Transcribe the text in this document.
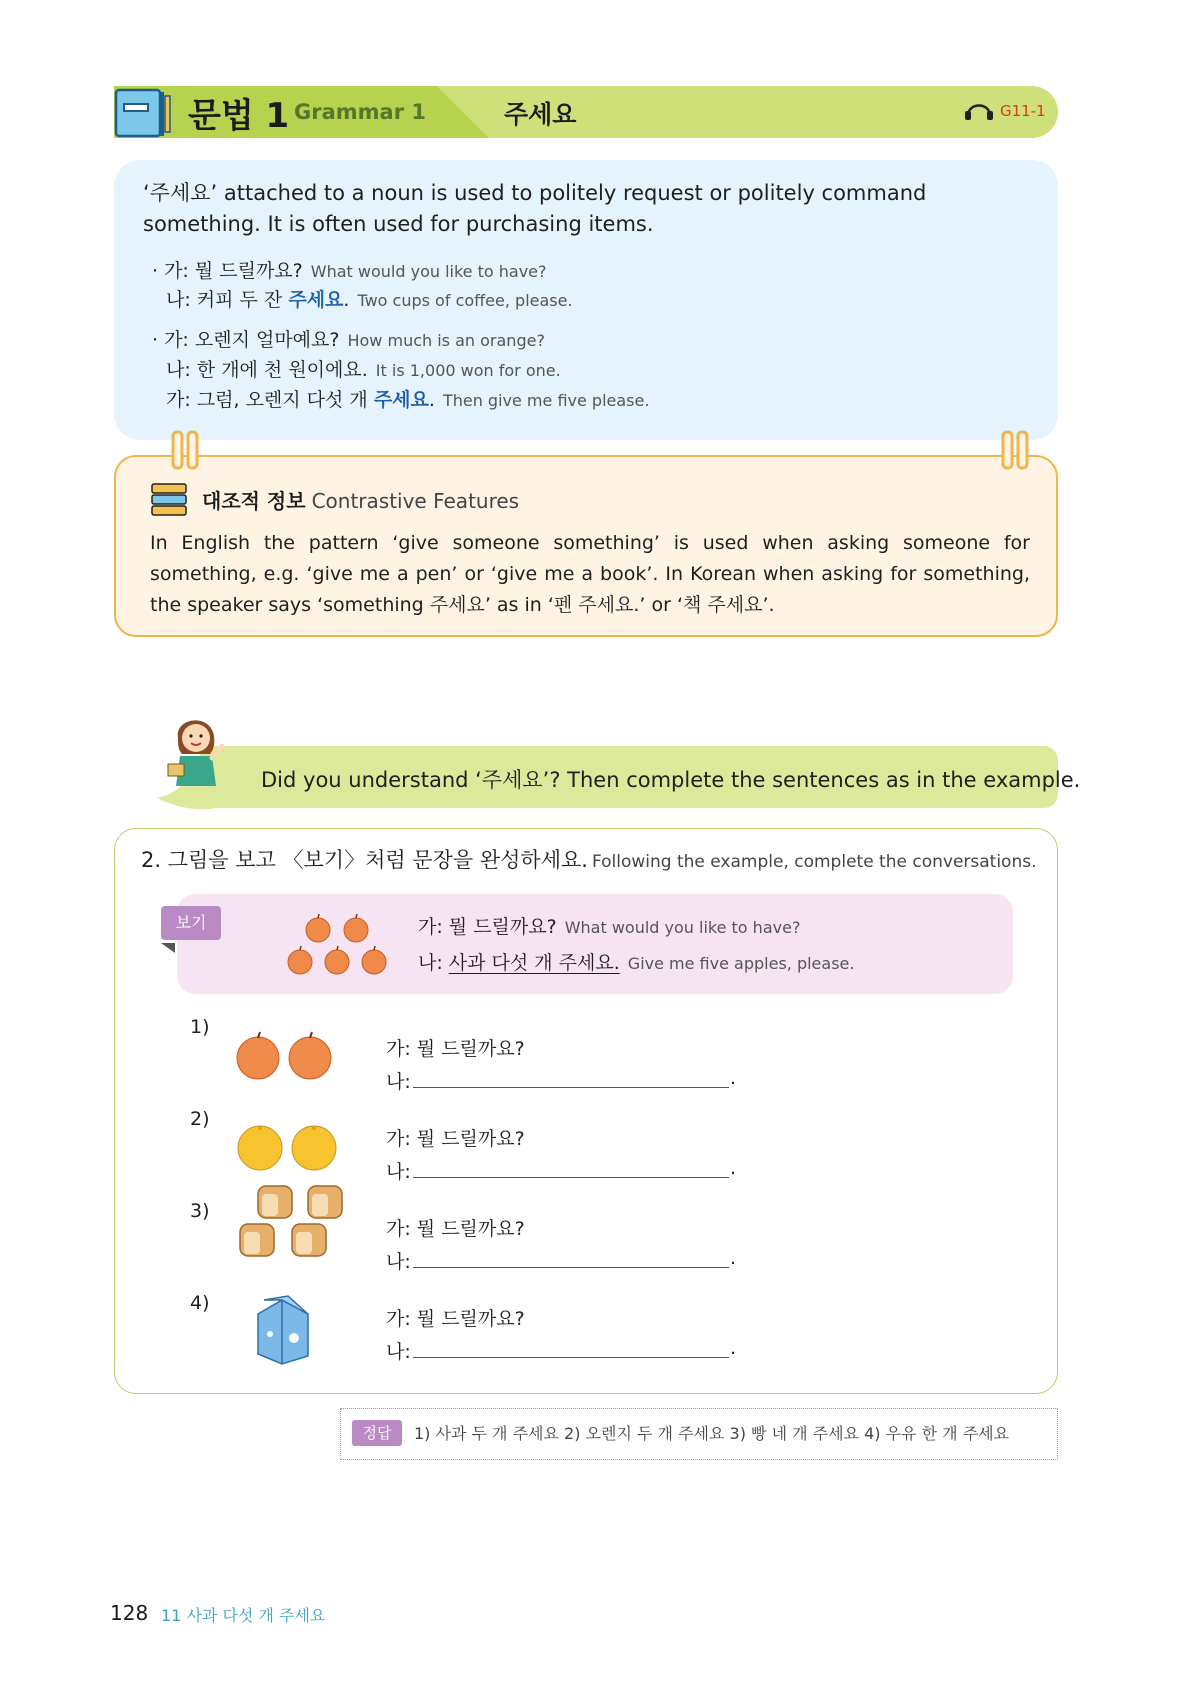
문법 1 Grammar 1	주세요	G11-1
‘주세요’ attached to a noun is used to politely request or politely command something. It is often used for purchasing items.
· 가: 뭘 드릴까요? What would you like to have?
나: 커피 두 잔 주세요. Two cups of coffee, please.
· 가: 오렌지 얼마예요? How much is an orange?
나: 한 개에 천 원이에요. It is 1,000 won for one.
가: 그럼, 오렌지 다섯 개 주세요. Then give me five please.
대조적 정보 Contrastive Features
In English the pattern ‘give someone something’ is used when asking someone for something, e.g. ‘give me a pen’ or ‘give me a book’. In Korean when asking for something, the speaker says ‘something 주세요’ as in ‘펜 주세요.’ or ‘책 주세요’.
Did you understand ‘주세요’? Then complete the sentences as in the example.
2. 그림을 보고 〈보기〉처럼 문장을 완성하세요. Following the example, complete the conversations.
보기	가: 뭘 드릴까요? What would you like to have?
나: 사과 다섯 개 주세요. Give me five apples, please.
1)
가: 뭘 드릴까요?
나:	.
2)
가: 뭘 드릴까요?
나:	.
3)
가: 뭘 드릴까요?
나:	.
4)
가: 뭘 드릴까요?
나:	.
정답	1) 사과 두 개 주세요 2) 오렌지 두 개 주세요 3) 빵 네 개 주세요 4) 우유 한 개 주세요
128 11 사과 다섯 개 주세요
